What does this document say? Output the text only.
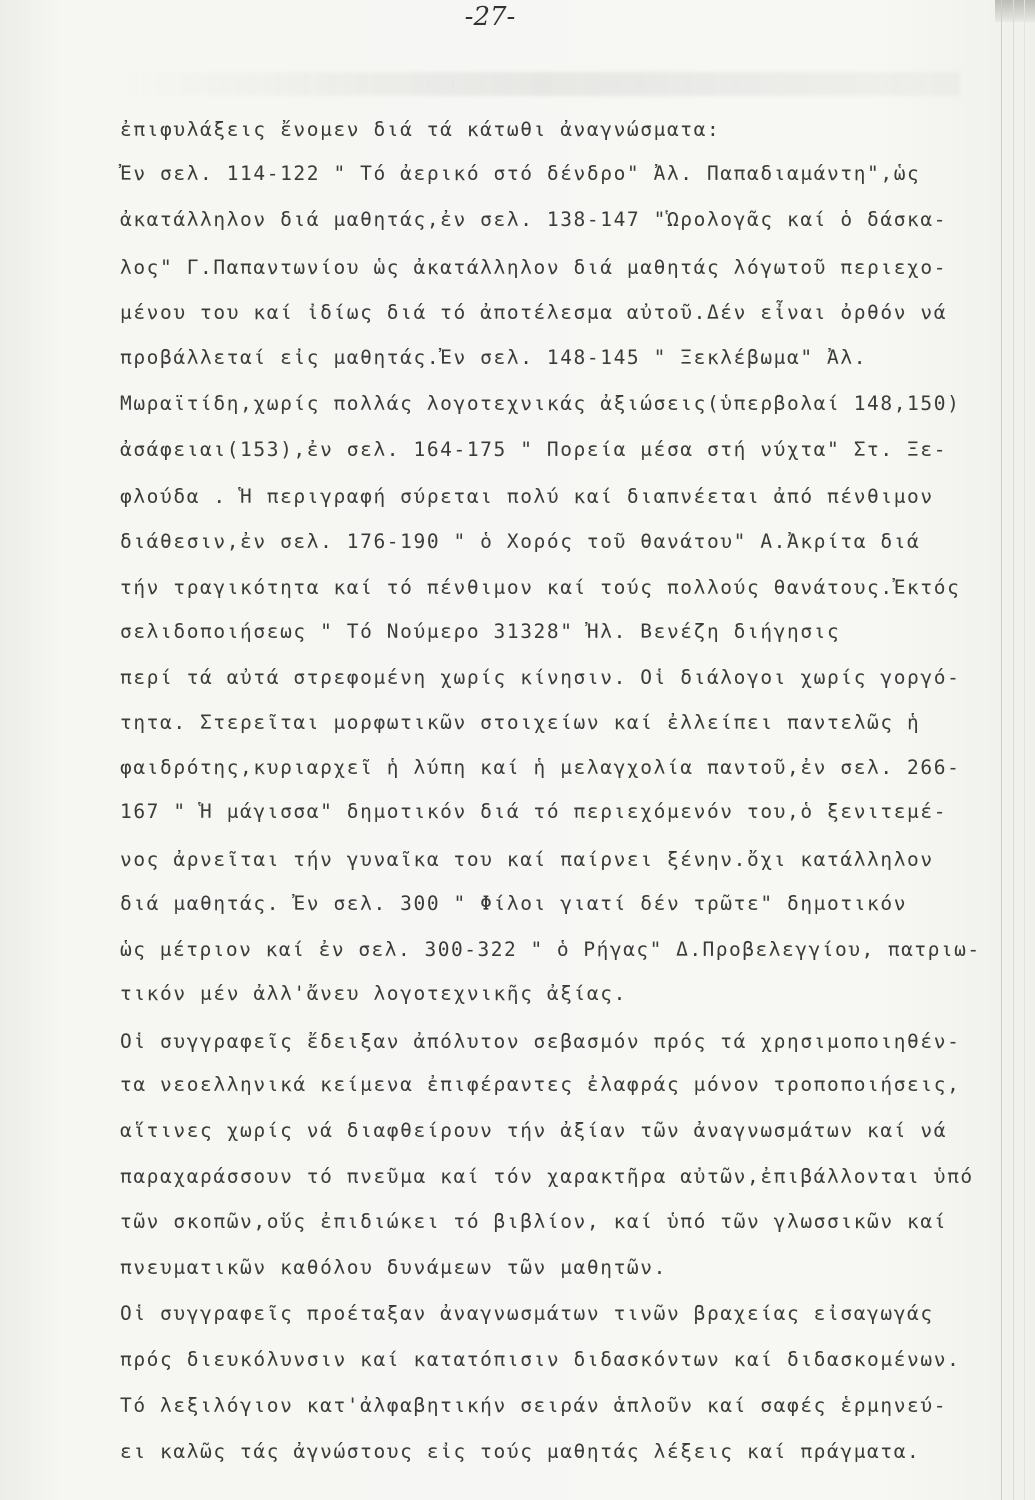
-27-
ἐπιφυλάξεις ἔνομεν διά τά κάτωθι ἀναγνώσματα:
Ἐν σελ. 114-122 " Τό ἀερικό στό δένδρο" Ἀλ. Παπαδιαμάντη",ὡς
ἀκατάλληλον διά μαθητάς,ἐν σελ. 138-147 "Ὡρολογᾶς καί ὁ δάσκα-
λος" Γ.Παπαντωνίου ὡς ἀκατάλληλον διά μαθητάς λόγωτοῦ περιεχο-
μένου του καί ἰδίως διά τό ἀποτέλεσμα αὐτοῦ.Δέν εἶναι ὀρθόν νά
προβάλλεταί εἰς μαθητάς.Ἐν σελ. 148-145 " Ξεκλέβωμα" Ἀλ.
Μωραϊτίδη,χωρίς πολλάς λογοτεχνικάς ἀξιώσεις(ὑπερβολαί 148,150)
ἀσάφειαι(153),ἐν σελ. 164-175 " Πορεία μέσα στή νύχτα" Στ. Ξε-
φλούδα . Ἡ περιγραφή σύρεται πολύ καί διαπνέεται ἀπό πένθιμον
διάθεσιν,ἐν σελ. 176-190 " ὁ Χορός τοῦ θανάτου" Α.Ἀκρίτα διά
τήν τραγικότητα καί τό πένθιμον καί τούς πολλούς θανάτους.Ἐκτός
σελιδοποιήσεως " Τό Νούμερο 31328" Ἠλ. Βενέζη διήγησις
περί τά αὐτά στρεφομένη χωρίς κίνησιν. Οἱ διάλογοι χωρίς γοργό-
τητα. Στερεῖται μορφωτικῶν στοιχείων καί ἐλλείπει παντελῶς ἡ
φαιδρότης,κυριαρχεῖ ἡ λύπη καί ἡ μελαγχολία παντοῦ,ἐν σελ. 266-
167 " Ἡ μάγισσα" δημοτικόν διά τό περιεχόμενόν του,ὁ ξενιτεμέ-
νος ἀρνεῖται τήν γυναῖκα του καί παίρνει ξένην.ὄχι κατάλληλον
διά μαθητάς. Ἐν σελ. 300 " Φίλοι γιατί δέν τρῶτε" δημοτικόν
ὡς μέτριον καί ἐν σελ. 300-322 " ὁ Ρήγας" Δ.Προβελεγγίου, πατριω-
τικόν μέν ἀλλ'ἄνευ λογοτεχνικῆς ἀξίας.
Οἱ συγγραφεῖς ἔδειξαν ἀπόλυτον σεβασμόν πρός τά χρησιμοποιηθέν-
τα νεοελληνικά κείμενα ἐπιφέραντες ἐλαφράς μόνον τροποποιήσεις,
αἵτινες χωρίς νά διαφθείρουν τήν ἀξίαν τῶν ἀναγνωσμάτων καί νά
παραχαράσσουν τό πνεῦμα καί τόν χαρακτῆρα αὐτῶν,ἐπιβάλλονται ὑπό
τῶν σκοπῶν,οὕς ἐπιδιώκει τό βιβλίον, καί ὑπό τῶν γλωσσικῶν καί
πνευματικῶν καθόλου δυνάμεων τῶν μαθητῶν.
Οἱ συγγραφεῖς προέταξαν ἀναγνωσμάτων τινῶν βραχείας εἰσαγωγάς
πρός διευκόλυνσιν καί κατατόπισιν διδασκόντων καί διδασκομένων.
Τό λεξιλόγιον κατ'ἀλφαβητικήν σειράν ἁπλοῦν καί σαφές ἑρμηνεύ-
ει καλῶς τάς ἀγνώστους εἰς τούς μαθητάς λέξεις καί πράγματα.
